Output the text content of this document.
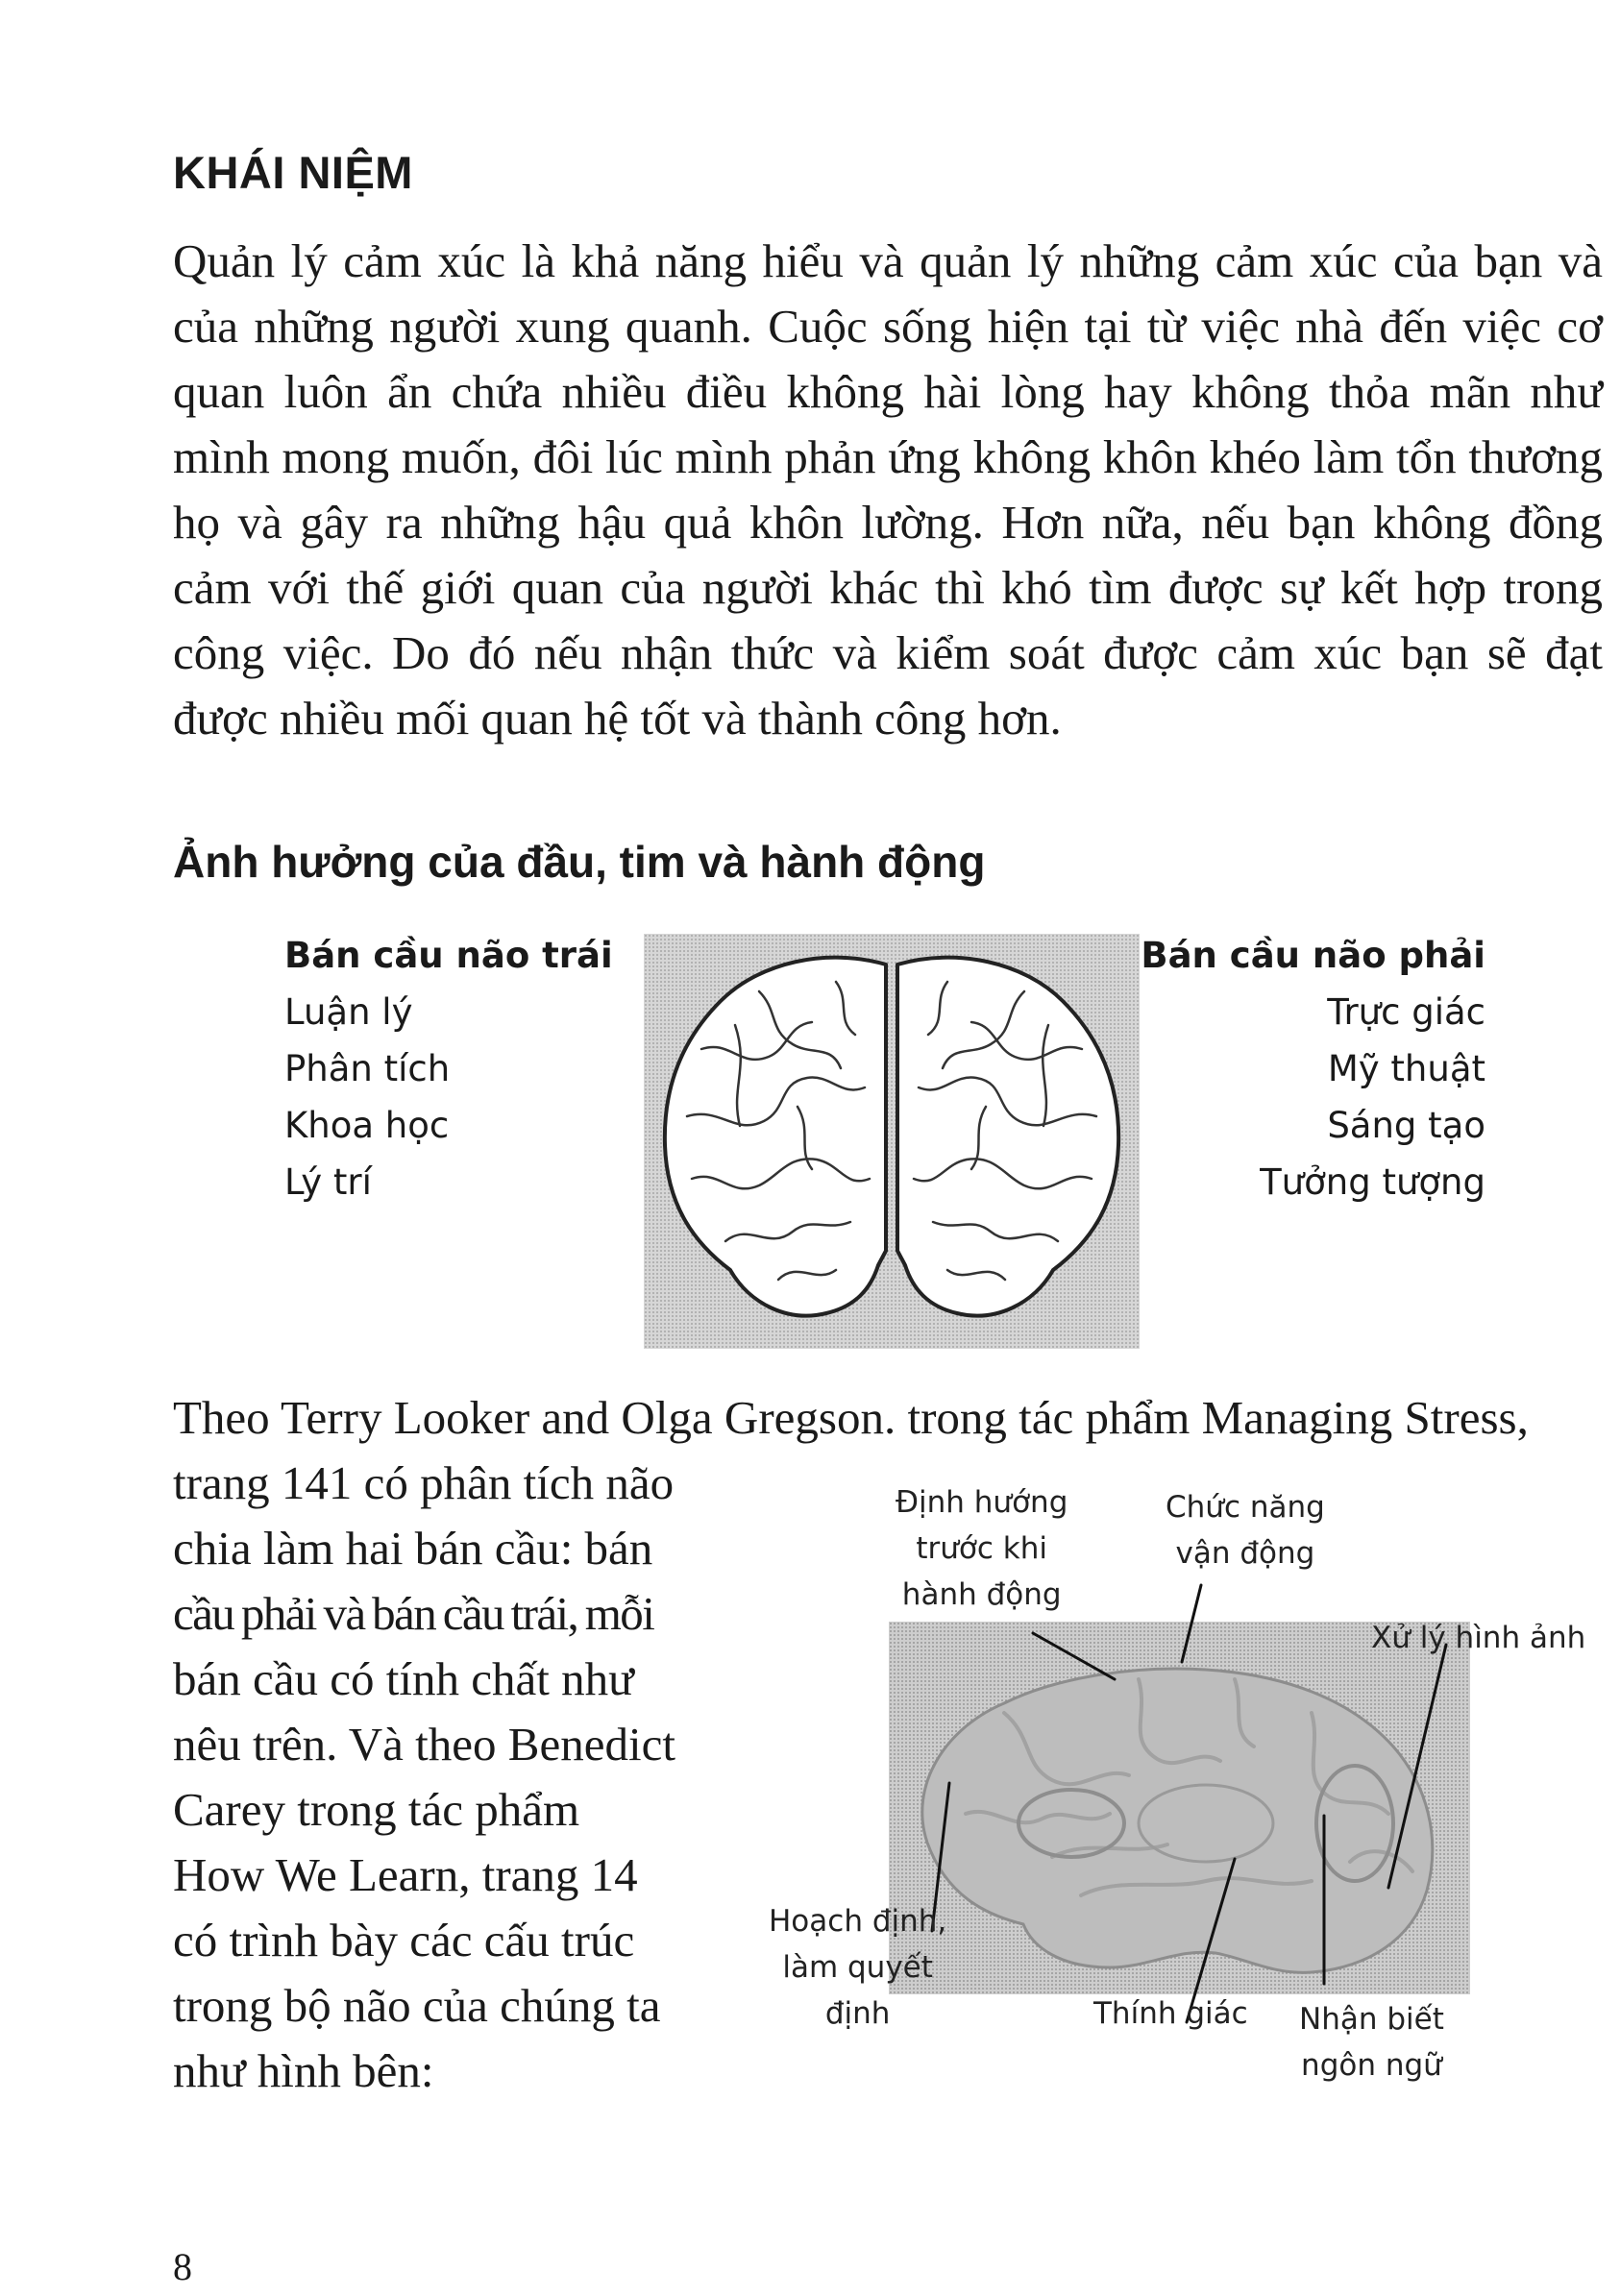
KHÁI NIỆM

Quản lý cảm xúc là khả năng hiểu và quản lý những cảm xúc của bạn và của những người xung quanh. Cuộc sống hiện tại từ việc nhà đến việc cơ quan luôn ẩn chứa nhiều điều không hài lòng hay không thỏa mãn như mình mong muốn, đôi lúc mình phản ứng không khôn khéo làm tổn thương họ và gây ra những hậu quả khôn lường. Hơn nữa, nếu bạn không đồng cảm với thế giới quan của người khác thì khó tìm được sự kết hợp trong công việc. Do đó nếu nhận thức và kiểm soát được cảm xúc bạn sẽ đạt được nhiều mối quan hệ tốt và thành công hơn.

Ảnh hưởng của đầu, tim và hành động
Bán cầu não trái
Luận lý
Phân tích
Khoa học
Lý trí
Bán cầu não phải
Trực giác
Mỹ thuật
Sáng tạo
Tưởng tượng

Theo Terry Looker and Olga Gregson. trong tác phẩm Managing Stress,

trang 141 có phân tích não
chia làm hai bán cầu: bán
cầu phải và bán cầu trái, mỗi
bán cầu có tính chất như
nêu trên. Và theo Benedict
Carey trong tác phẩm
How We Learn, trang 14
có trình bày các cấu trúc
trong bộ não của chúng ta
như hình bên:
Định hướng
trước khi
hành động
Chức năng
vận động
Xử lý hình ảnh
Hoạch định,
làm quyết
định	Thính giác Nhận biết
ngôn ngữ
8
